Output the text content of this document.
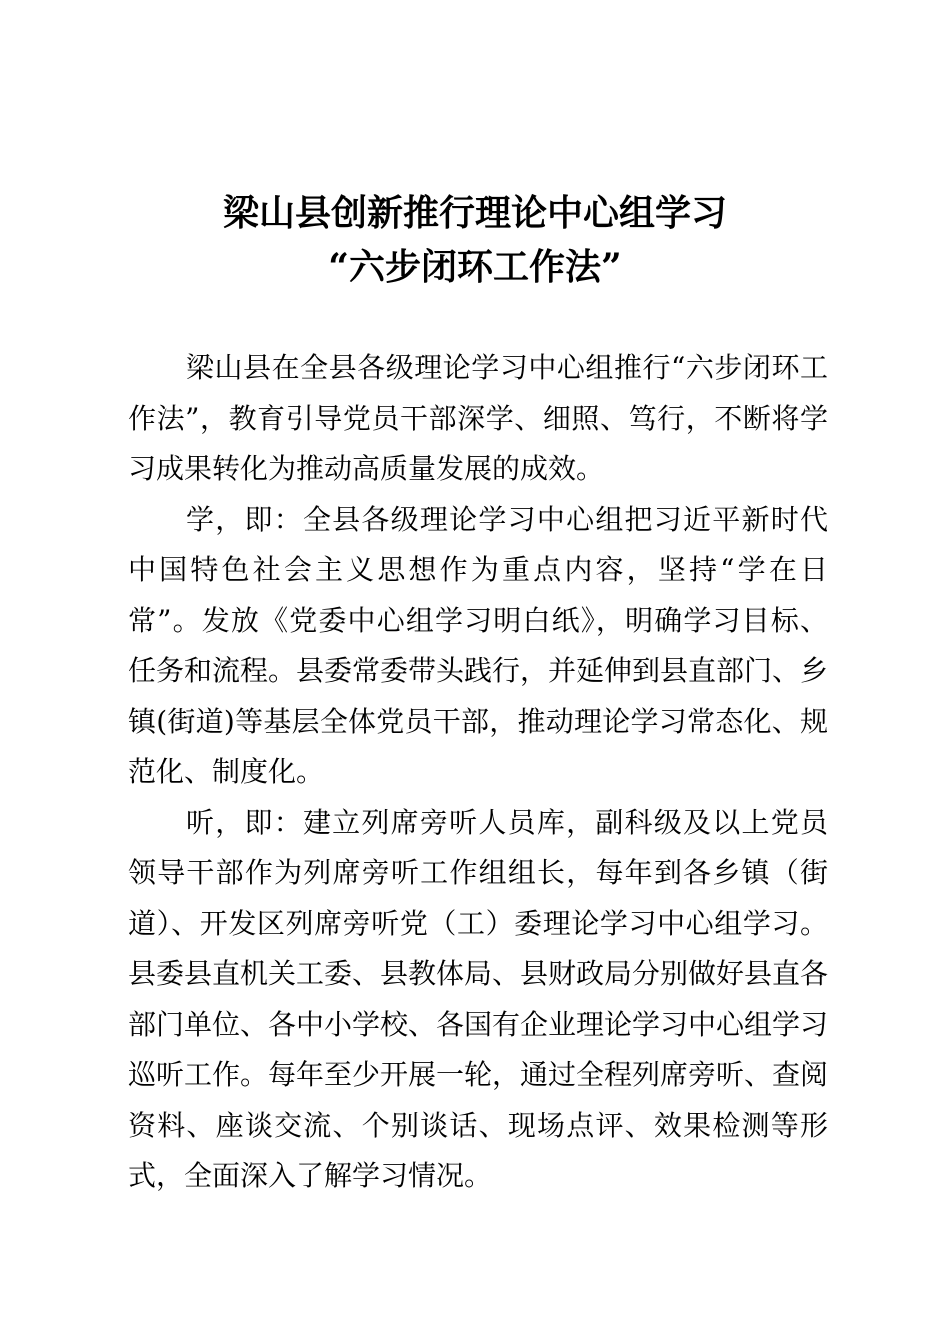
梁山县创新推行理论中心组学习
“六步闭环工作法”

梁山县在全县各级理论学习中心组推行“六步闭环工作法”，教育引导党员干部深学、细照、笃行，不断将学习成果转化为推动高质量发展的成效。

学，即：全县各级理论学习中心组把习近平新时代中国特色社会主义思想作为重点内容，坚持“学在日常”。发放《党委中心组学习明白纸》，明确学习目标、任务和流程。县委常委带头践行，并延伸到县直部门、乡镇(街道)等基层全体党员干部，推动理论学习常态化、规范化、制度化。

听，即：建立列席旁听人员库，副科级及以上党员领导干部作为列席旁听工作组组长，每年到各乡镇（街道）、开发区列席旁听党（工）委理论学习中心组学习。县委县直机关工委、县教体局、县财政局分别做好县直各部门单位、各中小学校、各国有企业理论学习中心组学习巡听工作。每年至少开展一轮，通过全程列席旁听、查阅资料、座谈交流、个别谈话、现场点评、效果检测等形式，全面深入了解学习情况。
